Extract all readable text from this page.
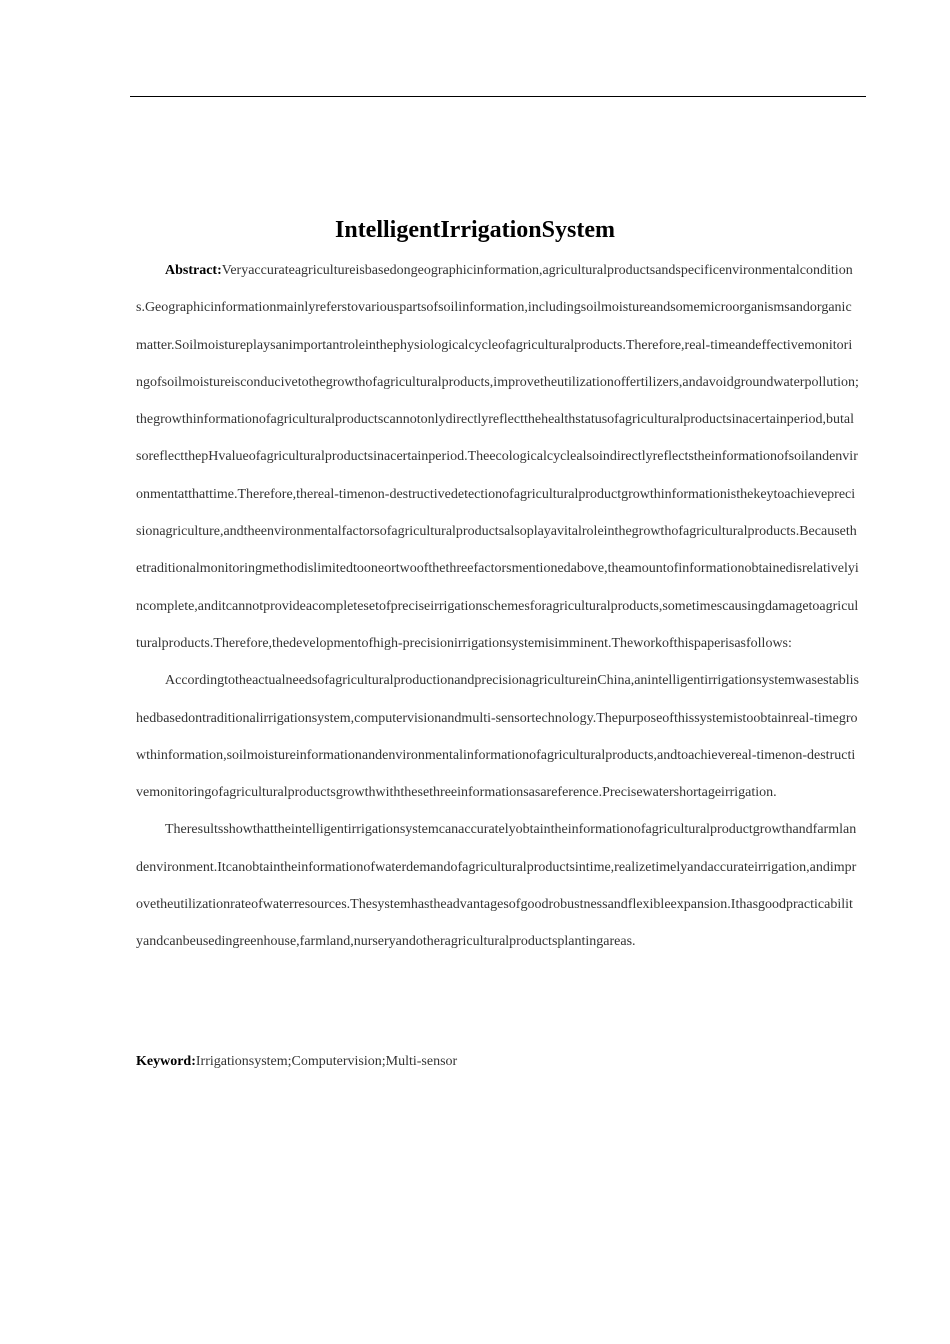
IntelligentIrrigationSystem

Abstract:Veryaccurateagricultureisbasedongeographicinformation,agriculturalproductsandspecificenvironmentalconditions.Geographicinformationmainlyreferstovariouspartsofsoilinformation,includingsoilmoistureandsomemicroorganismsandorganicmatter.Soilmoistureplaysanimportantroleinthephysiologicalcycleofagriculturalproducts.Therefore,real-timeandeffectivemonitoringofsoilmoistureisconducivetothegrowthofagriculturalproducts,improvetheutilizationoffertilizers,andavoidgroundwaterpollution;thegrowthinformationofagriculturalproductscannotonlydirectlyreflectthehealthstatusofagriculturalproductsinacertainperiod,butalsoreflectthepHvalueofagriculturalproductsinacertainperiod.Theecologicalcyclealsoindirectlyreflectstheinformationofsoilandenvironmentatthattime.Therefore,thereal-timenon-destructivedetectionofagriculturalproductgrowthinformationisthekeytoachieveprecisionagriculture,andtheenvironmentalfactorsofagriculturalproductsalsoplayavitalroleinthegrowthofagriculturalproducts.Becausethetraditionalmonitoringmethodislimitedtooneortwoofthethreefactorsmentionedabove,theamountofinformationobtainedisrelativelyincomplete,anditcannotprovideacompletesetofpreciseirrigationschemesforagriculturalproducts,sometimescausingdamagetoagriculturalproducts.Therefore,thedevelopmentofhigh-precisionirrigationsystemisimminent.Theworkofthispaperisasfollows:

AccordingtotheactualneedsofagriculturalproductionandprecisionagricultureinChina,anintelligentirrigationsystemwasestablishedbasedontraditionalirrigationsystem,computervisionandmulti-sensortechnology.Thepurposeofthissystemistoobtainreal-timegrowthinformation,soilmoistureinformationandenvironmentalinformationofagriculturalproducts,andtoachievereal-timenon-destructivemonitoringofagriculturalproductsgrowthwiththesethreeinformationsasareference.Precisewatershortageirrigation.

Theresultsshowthattheintelligentirrigationsystemcanaccuratelyobtaintheinformationofagriculturalproductgrowthandfarmlandenvironment.Itcanobtaintheinformationofwaterdemandofagriculturalproductsintime,realizetimelyandaccurateirrigation,andimprovetheutilizationrateofwaterresources.Thesystemhastheadvantagesofgoodrobustnessandflexibleexpansion.Ithasgoodpracticabilityandcanbeusedingreenhouse,farmland,nurseryandotheragriculturalproductsplantingareas.

Keyword:Irrigationsystem;Computervision;Multi-sensor
